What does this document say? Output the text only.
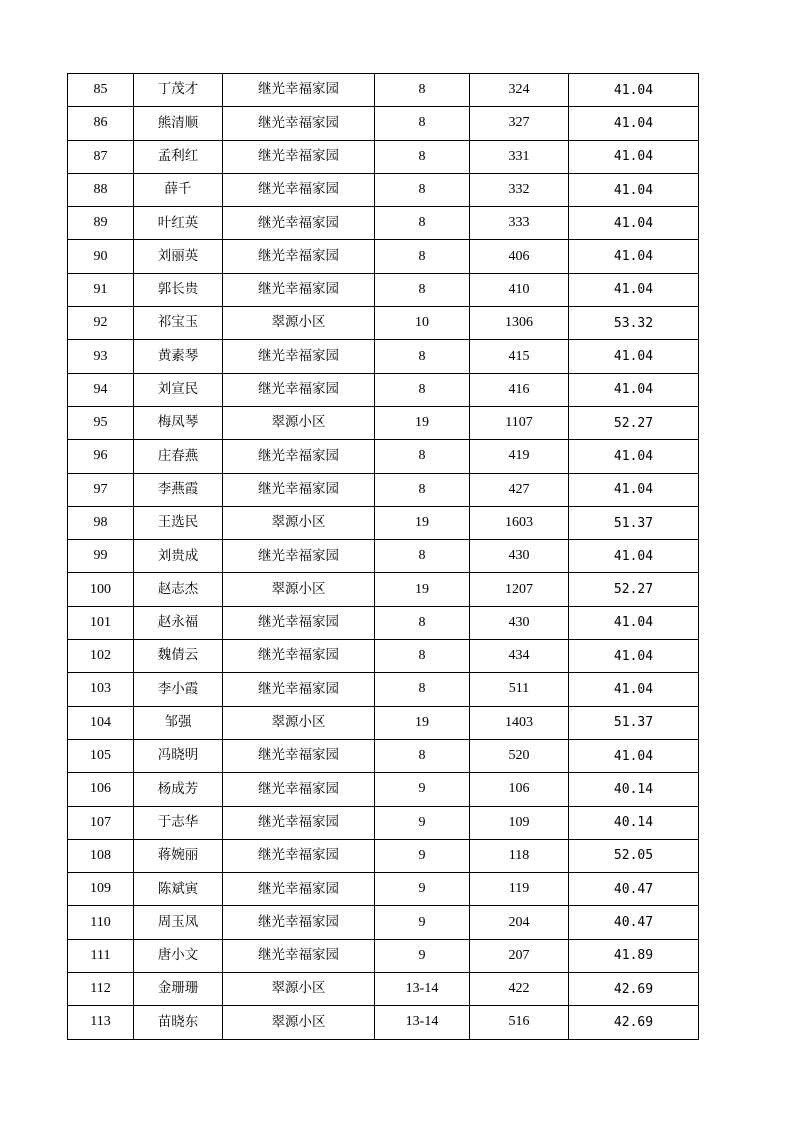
85	丁茂才	继光幸福家园	8	324	41.04
86	熊清顺	继光幸福家园	8	327	41.04
87	孟利红	继光幸福家园	8	331	41.04
88	薛千	继光幸福家园	8	332	41.04
89	叶红英	继光幸福家园	8	333	41.04
90	刘丽英	继光幸福家园	8	406	41.04
91	郭长贵	继光幸福家园	8	410	41.04
92	祁宝玉	翠源小区	10	1306	53.32
93	黄素琴	继光幸福家园	8	415	41.04
94	刘宣民	继光幸福家园	8	416	41.04
95	梅凤琴	翠源小区	19	1107	52.27
96	庄春燕	继光幸福家园	8	419	41.04
97	李燕霞	继光幸福家园	8	427	41.04
98	王选民	翠源小区	19	1603	51.37
99	刘贵成	继光幸福家园	8	430	41.04
100	赵志杰	翠源小区	19	1207	52.27
101	赵永福	继光幸福家园	8	430	41.04
102	魏倩云	继光幸福家园	8	434	41.04
103	李小霞	继光幸福家园	8	511	41.04
104	邹强	翠源小区	19	1403	51.37
105	冯晓明	继光幸福家园	8	520	41.04
106	杨成芳	继光幸福家园	9	106	40.14
107	于志华	继光幸福家园	9	109	40.14
108	蒋婉丽	继光幸福家园	9	118	52.05
109	陈斌寅	继光幸福家园	9	119	40.47
110	周玉凤	继光幸福家园	9	204	40.47
111	唐小文	继光幸福家园	9	207	41.89
112	金珊珊	翠源小区	13-14	422	42.69
113	苗晓东	翠源小区	13-14	516	42.69
